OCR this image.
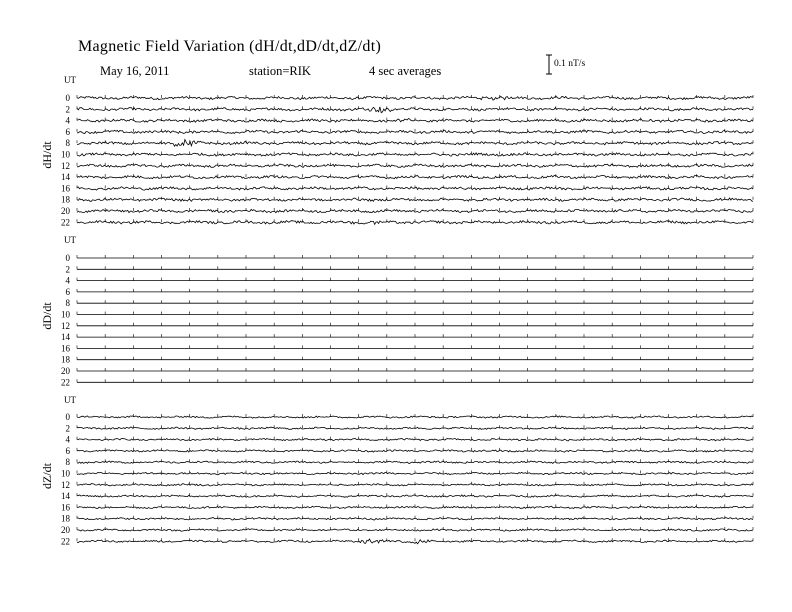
Magnetic Field Variation (dH/dt,dD/dt,dZ/dt)
May 16, 2011	station=RIK	4 sec averages	0.1 nT/s
UT
dH/dt
0
2
4
6
8
10
12
14
16
18
20
22
UT
dD/dt
0
2
4
6
8
10
12
14
16
18
20
22
UT
dZ/dt
0
2
4
6
8
10
12
14
16
18
20
22
